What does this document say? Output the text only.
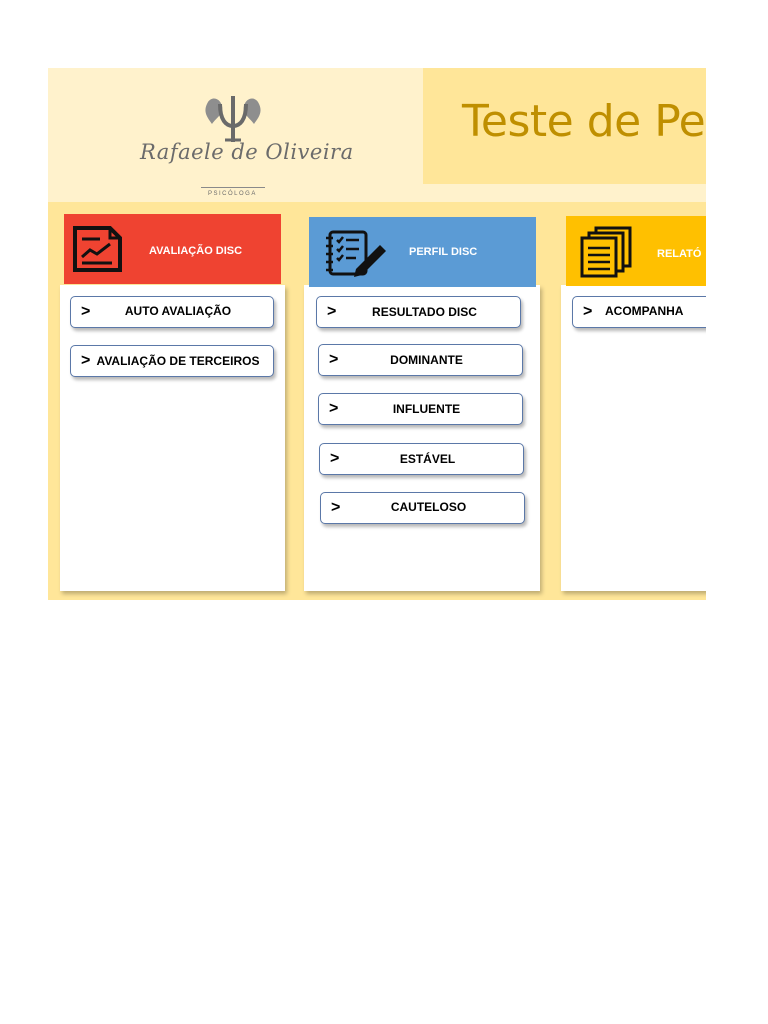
Rafaele de Oliveira
PSICÓLOGA
Teste de Pe
AVALIAÇÃO DISC
>	AUTO AVALIAÇÃO
> AVALIAÇÃO DE TERCEIROS
PERFIL DISC
>	RESULTADO DISC
>	DOMINANTE
>	INFLUENTE
>	ESTÁVEL
>	CAUTELOSO
RELATÓ
> ACOMPANHA
